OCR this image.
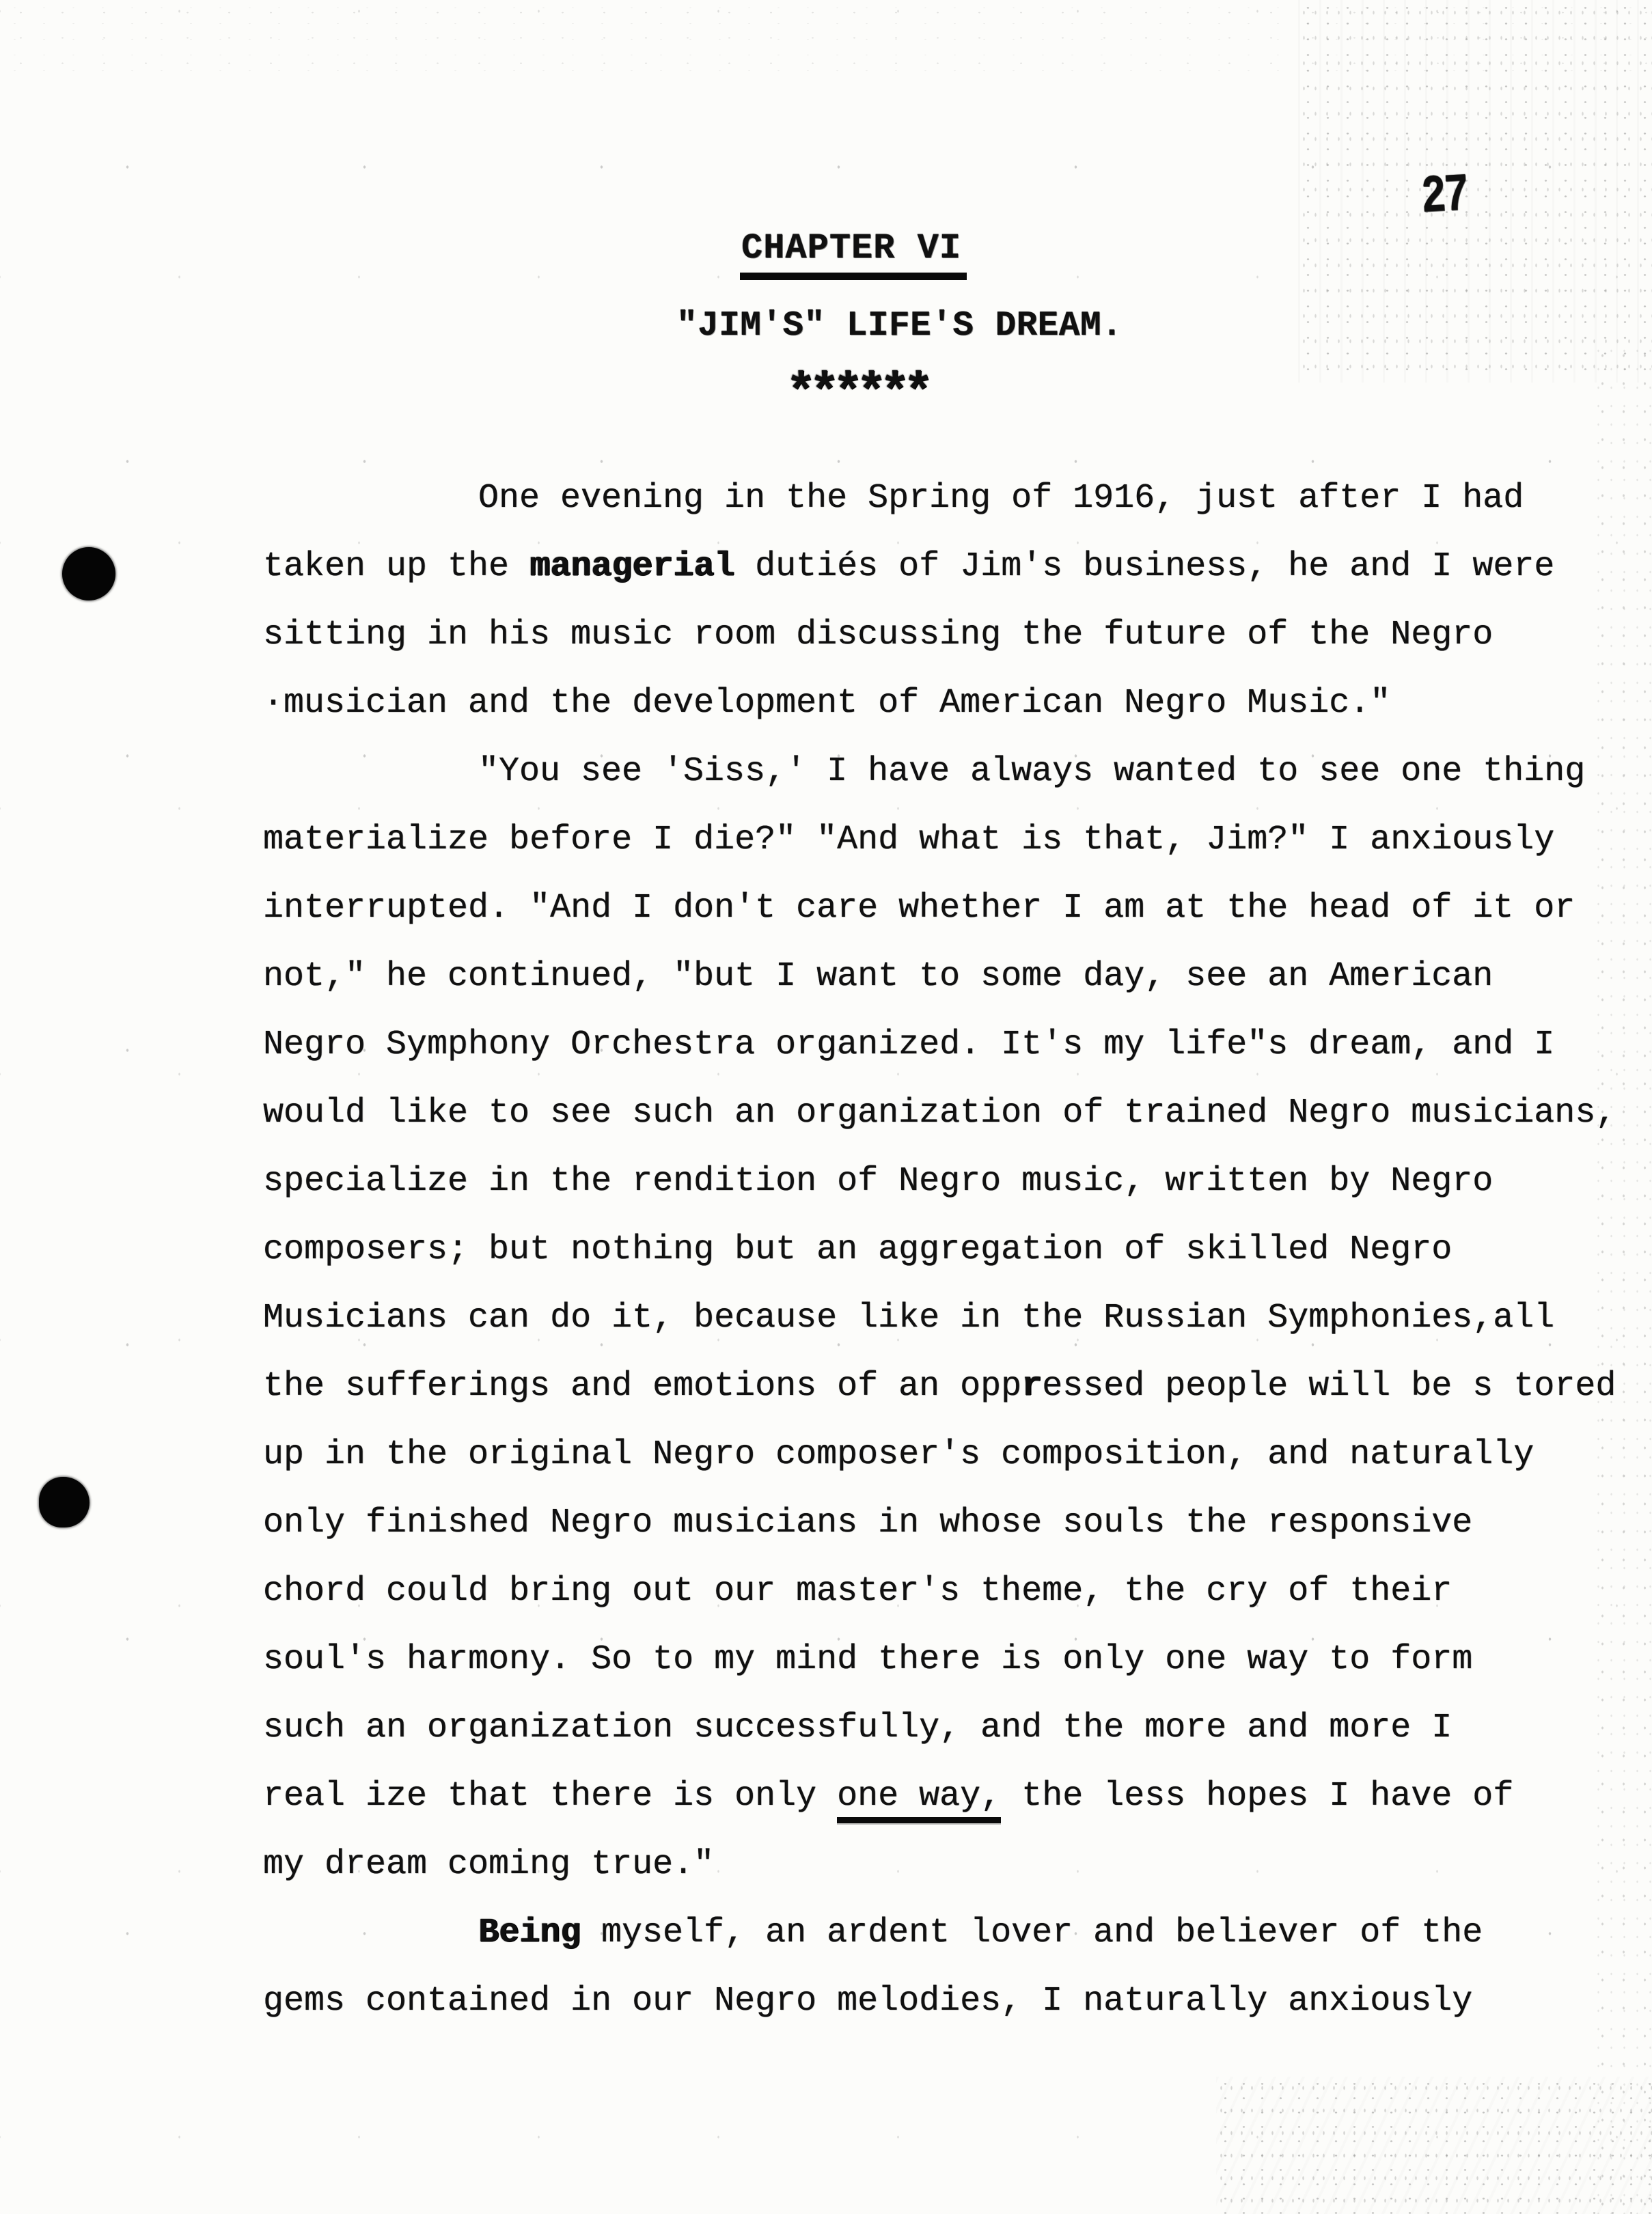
27
CHAPTER VI
"JIM'S" LIFE'S DREAM.
******
One evening in the Spring of 1916, just after I had
taken up the managerial dutiés of Jim's business, he and I were
sitting in his music room discussing the future of the Negro
·musician and the development of American Negro Music."
"You see 'Siss,' I have always wanted to see one thing
materialize before I die?" "And what is that, Jim?" I anxiously
interrupted. "And I don't care whether I am at the head of it or
not," he continued, "but I want to some day, see an American
Negro Symphony Orchestra organized. It's my life"s dream, and I
would like to see such an organization of trained Negro musicians,
specialize in the rendition of Negro music, written by Negro
composers; but nothing but an aggregation of skilled Negro
Musicians can do it, because like in the Russian Symphonies,all
the sufferings and emotions of an oppressed people will be s tored
up in the original Negro composer's composition, and naturally
only finished Negro musicians in whose souls the responsive
chord could bring out our master's theme, the cry of their
soul's harmony. So to my mind there is only one way to form
such an organization successfully, and the more and more I
real ize that there is only one way, the less hopes I have of
my dream coming true."
Being myself, an ardent lover and believer of the
gems contained in our Negro melodies, I naturally anxiously
